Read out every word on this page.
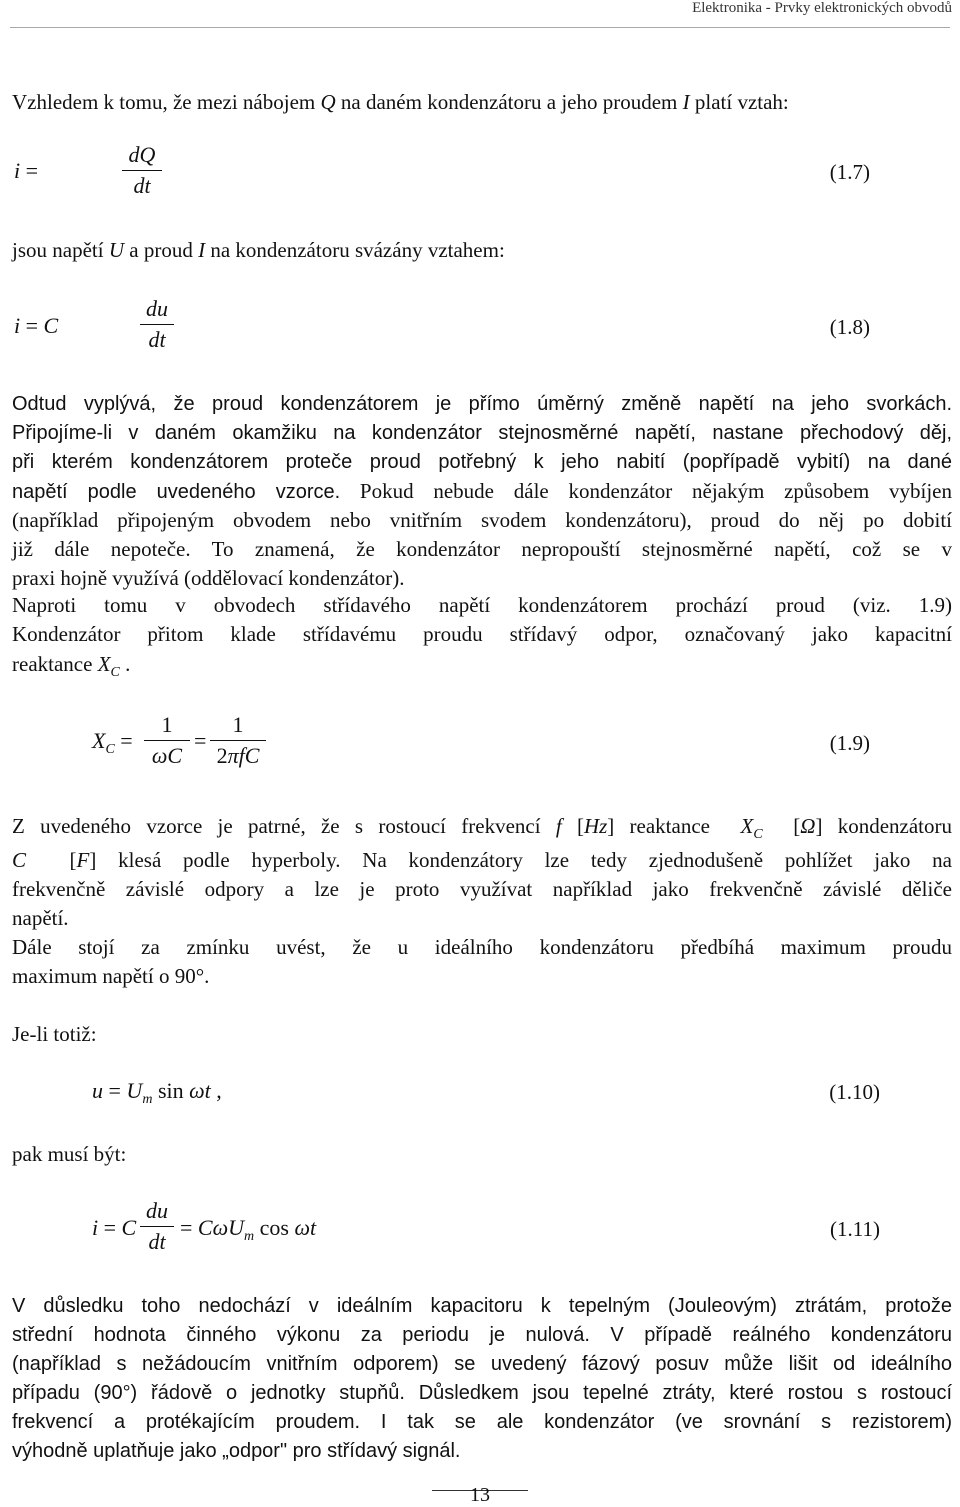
Elektronika - Prvky elektronických obvodů
Vzhledem k tomu, že mezi nábojem Q na daném kondenzátoru a jeho proudem I platí vztah:
i =
dQ
dt
(1.7)
jsou napětí U a proud I na kondenzátoru svázány vztahem:
i = C
du
dt	(1.8)
Odtud vyplývá, že proud kondenzátorem je přímo úměrný změně napětí na jeho svorkách.
Připojíme-li v daném okamžiku na kondenzátor stejnosměrné napětí, nastane přechodový děj,
při kterém kondenzátorem proteče proud potřebný k jeho nabití (popřípadě vybití) na dané
napětí podle uvedeného vzorce. Pokud nebude dále kondenzátor nějakým způsobem vybíjen
(například připojeným obvodem nebo vnitřním svodem kondenzátoru), proud do něj po dobití
již dále nepoteče. To znamená, že kondenzátor nepropouští stejnosměrné napětí, což se v
praxi hojně využívá (oddělovací kondenzátor).
Naproti tomu v obvodech střídavého napětí kondenzátorem prochází proud (viz. 1.9)
Kondenzátor přitom klade střídavému proudu střídavý odpor, označovaný jako kapacitní
reaktance $X_C$ .
$X_C$ =
1
ωC
=
1
2πfC	(1.9)
Z uvedeného vzorce je patrné, že s rostoucí frekvencí f [Hz] reaktance $X_C$  [Ω] kondenzátoru
C  [F] klesá podle hyperboly. Na kondenzátory lze tedy zjednodušeně pohlížet jako na
frekvenčně závislé odpory a lze je proto využívat například jako frekvenčně závislé děliče
napětí.
Dále stojí za zmínku uvést, že u ideálního kondenzátoru předbíhá maximum proudu
maximum napětí o 90°.
Je-li totiž:
$u = U_m$ sin ωt ,	(1.10)
pak musí být:
i = C
du
dt
= CωU$_m$ cos ωt	(1.11)
V důsledku toho nedochází v ideálním kapacitoru k tepelným (Jouleovým) ztrátám, protože
střední hodnota činného výkonu za periodu je nulová. V případě reálného kondenzátoru
(například s nežádoucím vnitřním odporem) se uvedený fázový posuv může lišit od ideálního
případu (90°) řádově o jednotky stupňů. Důsledkem jsou tepelné ztráty, které rostou s rostoucí
frekvencí a protékajícím proudem. I tak se ale kondenzátor (ve srovnání s rezistorem)
výhodně uplatňuje jako „odpor" pro střídavý signál.
13
